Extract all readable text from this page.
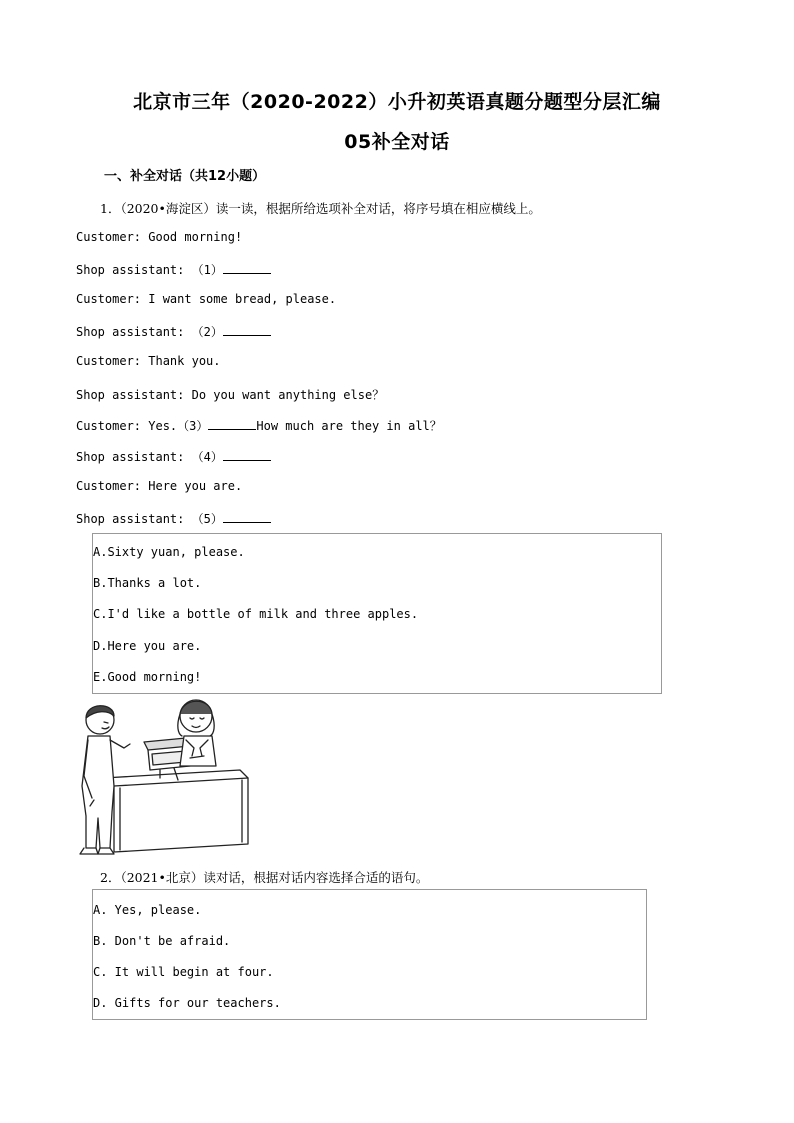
北京市三年（2020-2022）小升初英语真题分题型分层汇编
05补全对话
一、补全对话（共12小题）
1．（2020•海淀区）读一读，根据所给选项补全对话，将序号填在相应横线上。
Customer: Good morning!
Shop assistant: （1）
Customer: I want some bread, please.
Shop assistant: （2）
Customer: Thank you.
Shop assistant: Do you want anything else？
Customer: Yes.（3）	How much are they in all？
Shop assistant: （4）
Customer: Here you are.
Shop assistant: （5）
A.Sixty yuan, please.
B.Thanks a lot.
C.I'd like a bottle of milk and three apples.
D.Here you are.
E.Good morning!
2．（2021•北京）读对话，根据对话内容选择合适的语句。
A. Yes, please.
B. Don't be afraid.
C. It will begin at four.
D. Gifts for our teachers.
